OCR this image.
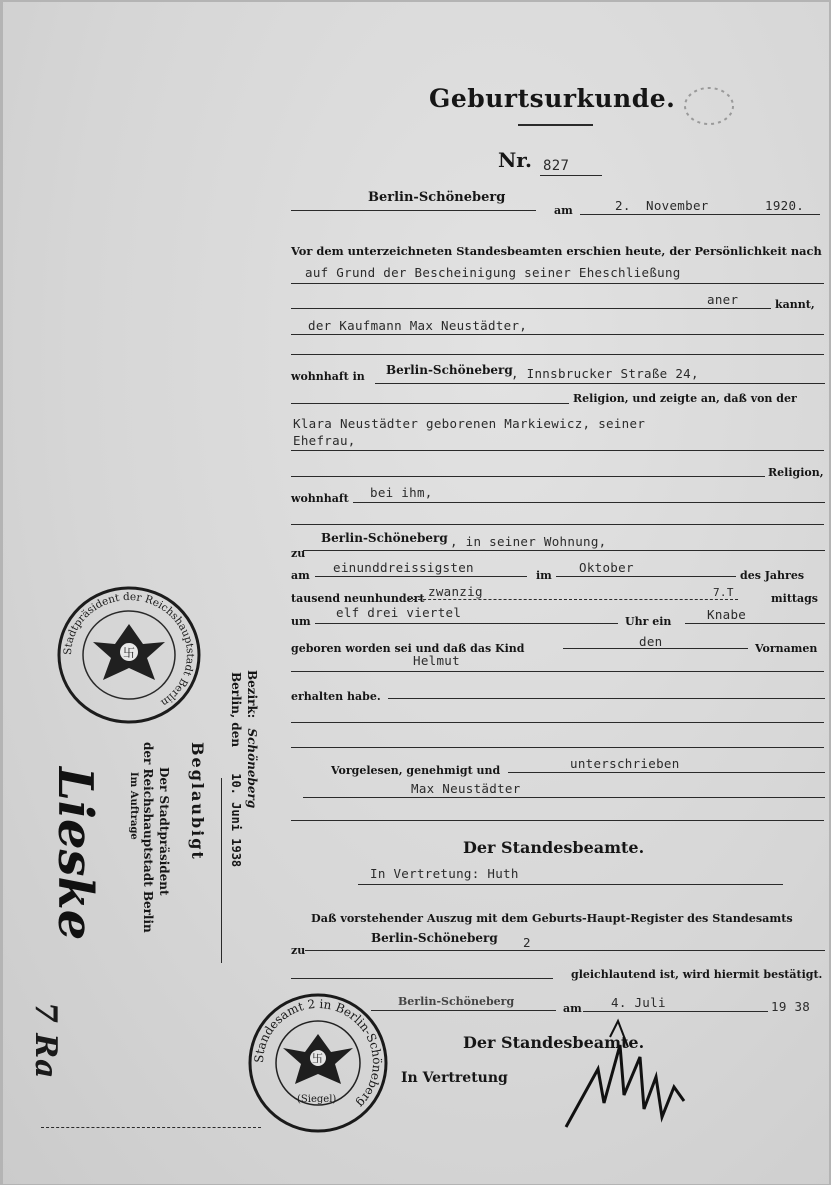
Geburtsurkunde.
Nr. 827
Berlin-Schöneberg
am	2. November	1920.
Vor dem unterzeichneten Standesbeamten erschien heute, der Persönlichkeit nach
auf Grund der Bescheinigung seiner Eheschließung
aner	kannt,
der Kaufmann Max Neustädter,
wohnhaft in Berlin-Schöneberg
, Innsbrucker Straße 24,
Religion, und zeigte an, daß von der
Klara Neustädter geborenen Markiewicz, seiner
Ehefrau,
Religion,
wohnhaft bei ihm,
zu
Berlin-Schöneberg , in seiner Wohnung,
am
einunddreissigsten
im
Oktober
des Jahres
tausend neunhundert zwanzig	7.T	mittags
um
elf drei viertel
Uhr ein	Knabe
geboren worden sei und daß das Kind	den	Vornamen
Helmut
erhalten habe.
Vorgelesen, genehmigt und	unterschrieben
Max Neustädter
Der Standesbeamte.
In Vertretung: Huth
Daß vorstehender Auszug mit dem Geburts-Haupt-Register des Standesamts
zu
Berlin-Schöneberg 2
gleichlautend ist, wird hiermit bestätigt.
Berlin-Schöneberg
am 4. Juli	19 38
Der Standesbeamte.
In Vertretung
Stadtpräsident der Reichshauptstadt Berlin
卐
Standesamt 2 in Berlin-Schöneberg
卐
(Siegel)
Bezirk: Schöneberg
Berlin, den 10. Juni 1938
Beglaubigt
Der Stadtpräsident
der Reichshauptstadt Berlin
Im Auftrage
Lieske
7 Ra
